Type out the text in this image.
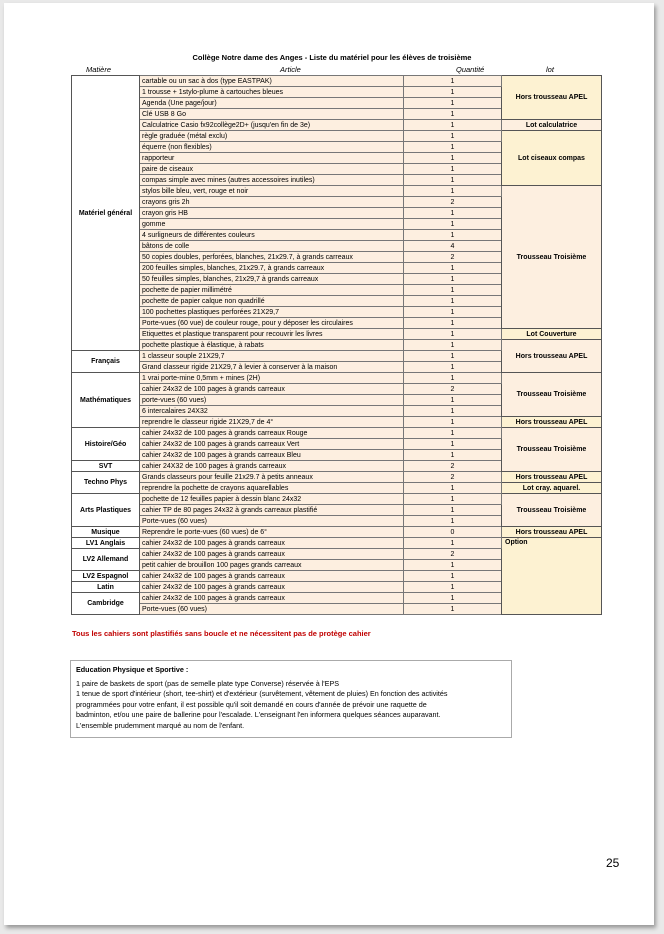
Collège Notre dame des Anges - Liste du matériel pour les élèves de troisième
Matière	Article	Quantité	lot
Matériel général	cartable ou un sac à dos (type EASTPAK)	1	Hors trousseau APEL
	1 trousse + 1stylo-plume à cartouches bleues	1	
	Agenda (Une page/jour)	1	
	Clé USB 8 Go	1	
	Calculatrice Casio fx92collège2D+ (jusqu'en fin de 3e)	1	Lot calculatrice
	règle graduée (métal exclu)	1	Lot ciseaux compas
	équerre (non flexibles)	1	
	rapporteur	1	
	paire de ciseaux	1	
	compas simple avec mines (autres accessoires inutiles)	1	
	stylos bille bleu, vert, rouge et noir	1	Trousseau Troisième
	crayons gris 2h	2	
	crayon gris HB	1	
	gomme	1	
	4 surligneurs de différentes couleurs	1	
	bâtons de colle	4	
	50 copies doubles, perforées, blanches, 21x29.7, à grands carreaux	2	
	200 feuilles simples, blanches, 21x29.7, à grands carreaux	1	
	50 feuilles simples, blanches, 21x29,7 à grands carreaux	1	
	pochette de papier millimétré	1	
	pochette de papier calque non quadrillé	1	
	100 pochettes plastiques perforées 21X29,7	1	
	Porte-vues (60 vue) de couleur rouge, pour y déposer les circulaires	1	
	Etiquettes et plastique transparent pour recouvrir les livres	1	Lot Couverture
	pochette plastique à élastique, à rabats	1	Hors trousseau APEL
Français	1 classeur souple 21X29,7	1	
	Grand classeur rigide 21X29,7 à levier à conserver à la maison	1	
Mathématiques	1 vrai porte-mine 0,5mm + mines (2H)	1	Trousseau Troisième
	cahier 24x32 de 100 pages à grands carreaux	2	
	porte-vues (60 vues)	1	
	6 intercalaires 24X32	1	
	reprendre le classeur rigide 21X29,7 de 4°	1	Hors trousseau APEL
Histoire/Géo	cahier 24x32 de 100 pages à grands carreaux Rouge	1	Trousseau Troisième
	cahier 24x32 de 100 pages à grands carreaux Vert	1	
	cahier 24x32 de 100 pages à grands carreaux Bleu	1	
SVT	cahier 24X32 de 100 pages à grands carreaux	2	
Techno Phys	Grands classeurs pour feuille 21x29.7 à petits anneaux	2	Hors trousseau APEL
	reprendre la pochette de crayons aquarellables	1	Lot cray. aquarel.
Arts Plastiques	pochette de 12 feuilles papier à dessin blanc 24x32	1	Trousseau Troisième
	cahier TP de 80 pages 24x32 à grands carreaux plastifié	1	
	Porte-vues (60 vues)	1	
Musique	Reprendre le porte-vues (60 vues) de 6°	0	Hors trousseau APEL
LV1 Anglais	cahier 24x32 de 100 pages à grands carreaux	1	Option
LV2 Allemand	cahier 24x32 de 100 pages à grands carreaux	2	
	petit cahier de brouillon 100 pages grands carreaux	1	
LV2 Espagnol	cahier 24x32 de 100 pages à grands carreaux	1	
Latin	cahier 24x32 de 100 pages à grands carreaux	1	
Cambridge	cahier 24x32 de 100 pages à grands carreaux	1	
	Porte-vues (60 vues)	1	
Tous les cahiers sont plastifiés sans boucle et ne nécessitent pas de protège cahier
Education Physique et Sportive :
1 paire de baskets de sport (pas de semelle plate type Converse) réservée à l'EPS
1 tenue de sport d'intérieur (short, tee-shirt) et d'extérieur (survêtement, vêtement de pluies) En fonction des activités
programmées pour votre enfant, il est possible qu'il soit demandé en cours d'année de prévoir une raquette de
badminton, et/ou une paire de ballerine pour l'escalade. L'enseignant l'en informera quelques séances auparavant.
L'ensemble prudemment marqué au nom de l'enfant.
25
